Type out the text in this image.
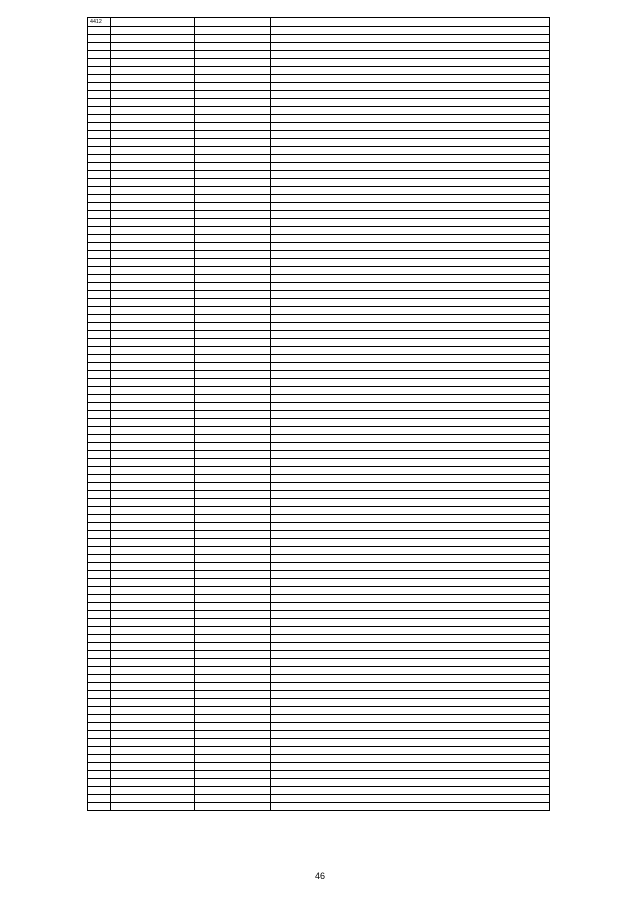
4412			

46
